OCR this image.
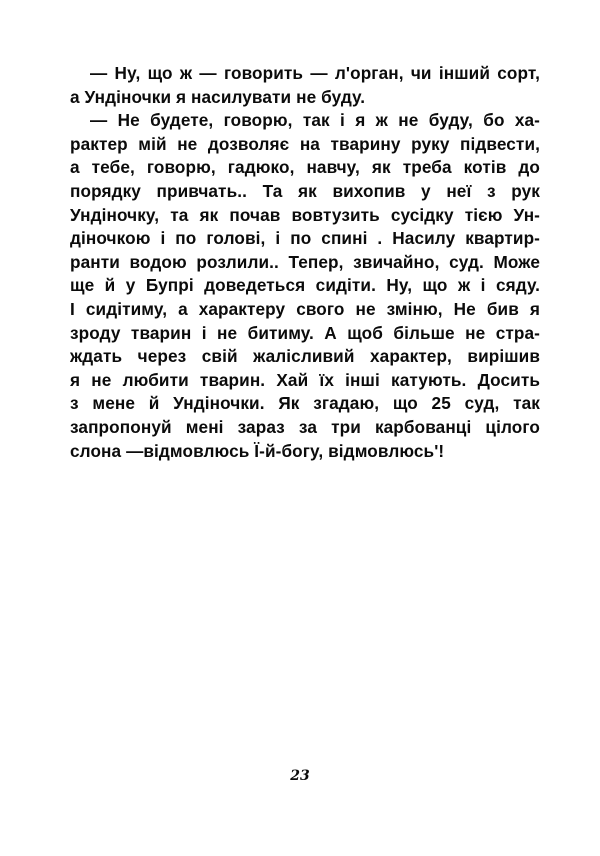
— Ну, що ж — говорить — л'орган, чи інший сорт,
а Ундіночки я насилувати не буду.
— Не будете, говорю, так і я ж не буду, бо ха-
рактер мій не дозволяє на тварину руку підвести,
а тебе, говорю, гадюко, навчу, як треба котів до
порядку привчать.. Та як вихопив у неї з рук
Ундіночку, та як почав вовтузить сусідку тією Ун-
діночкою і по голові, і по спині . Насилу квартир-
ранти водою розлили.. Тепер, звичайно, суд. Може
ще й у Бупрі доведеться сидіти. Ну, що ж і сяду.
І сидітиму, а характеру свого не зміню, Не бив я
зроду тварин і не битиму. А щоб більше не стра-
ждать через свій жалісливий характер, вирішив
я не любити тварин. Хай їх інші катують. Досить
з мене й Ундіночки. Як згадаю, що 25 суд, так
запропонуй мені зараз за три карбованці цілого
слона —відмовлюсь Ї-й-богу, відмовлюсь'!
23
